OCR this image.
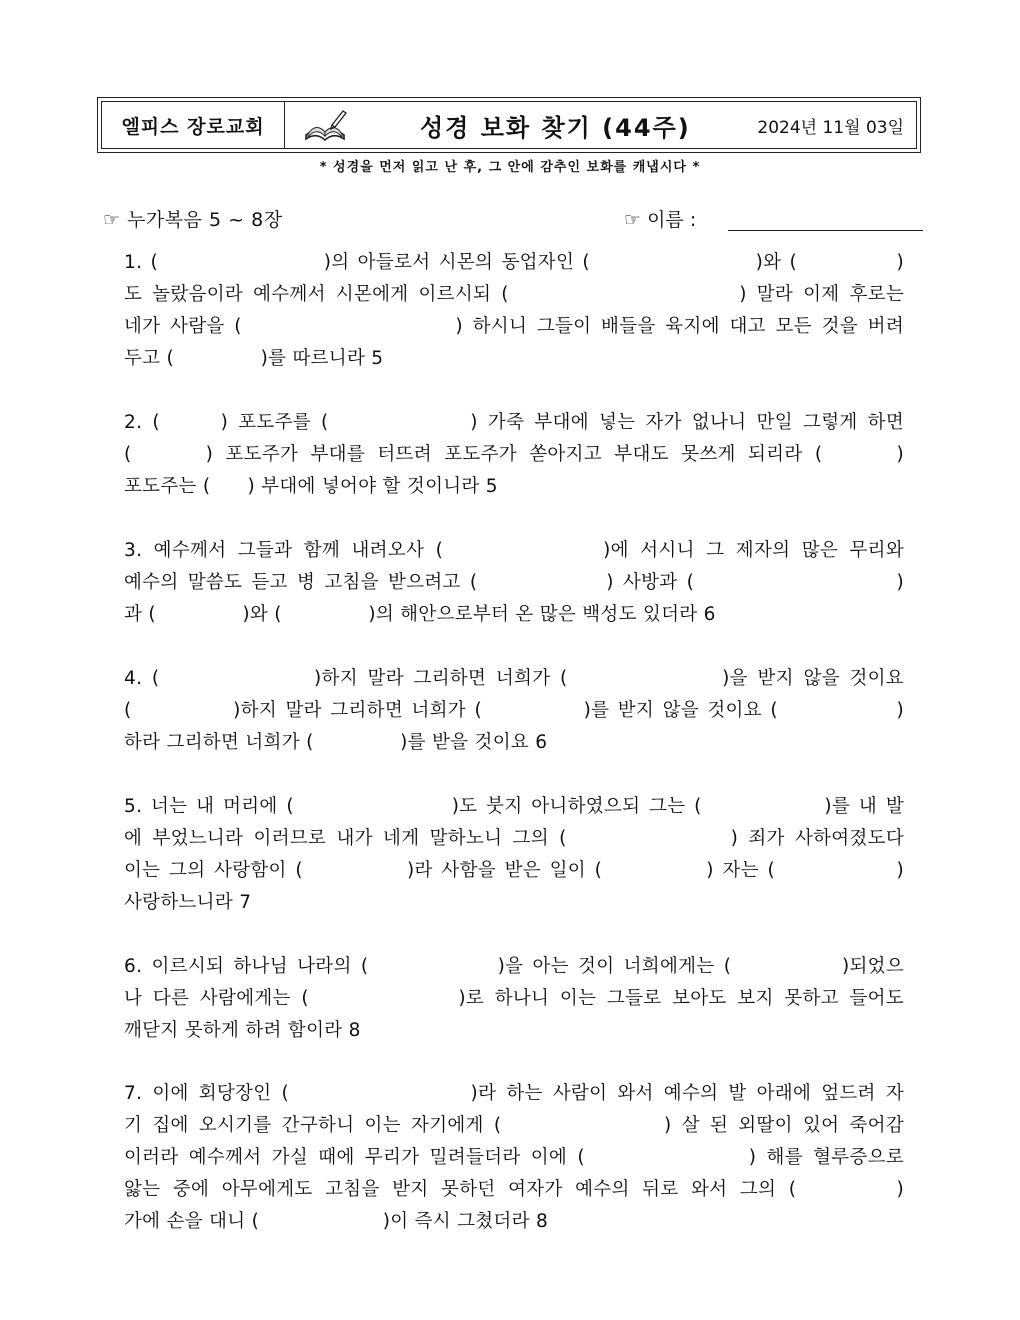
엘피스 장로교회	성경 보화 찾기 (44주)	2024년 11월 03일
* 성경을 먼저 읽고 난 후, 그 안에 감추인 보화를 캐냅시다 *
☞ 누가복음 5 ~ 8장	☞ 이름 :
1. (                    )의 아들로서 시몬의 동업자인 (                    )와 (            )
도 놀랐음이라 예수께서 시몬에게 이르시되 (                       ) 말라 이제 후로는
네가 사람을 (                      ) 하시니 그들이 배들을 육지에 대고 모든 것을 버려
두고 (              )를 따르니라 5
2. (      ) 포도주를 (              ) 가죽 부대에 넣는 자가 없나니 만일 그렇게 하면
(      ) 포도주가 부대를 터뜨려 포도주가 쏟아지고 부대도 못쓰게 되리라 (      )
포도주는 (      ) 부대에 넣어야 할 것이니라 5
3. 예수께서 그들과 함께 내려오사 (              )에 서시니 그 제자의 많은 무리와
예수의 말씀도 듣고 병 고침을 받으려고 (              ) 사방과 (                      )
과 (              )와 (              )의 해안으로부터 온 많은 백성도 있더라 6
4. (                )하지 말라 그리하면 너희가 (                )을 받지 않을 것이요
(            )하지 말라 그리하면 너희가 (            )를 받지 않을 것이요 (              )
하라 그리하면 너희가 (              )를 받을 것이요 6
5. 너는 내 머리에 (                  )도 붓지 아니하였으되 그는 (              )를 내 발
에 부었느니라 이러므로 내가 네게 말하노니 그의 (                ) 죄가 사하여졌도다
이는 그의 사랑함이 (            )라 사함을 받은 일이 (            ) 자는 (              )
사랑하느니라 7
6. 이르시되 하나님 나라의 (              )을 아는 것이 너희에게는 (            )되었으
나 다른 사람에게는 (              )로 하나니 이는 그들로 보아도 보지 못하고 들어도
깨닫지 못하게 하려 함이라 8
7. 이에 회당장인 (                  )라 하는 사람이 와서 예수의 발 아래에 엎드려 자
기 집에 오시기를 간구하니 이는 자기에게 (                ) 살 된 외딸이 있어 죽어감
이러라 예수께서 가실 때에 무리가 밀려들더라 이에 (                ) 해를 혈루증으로
앓는 중에 아무에게도 고침을 받지 못하던 여자가 예수의 뒤로 와서 그의 (        )
가에 손을 대니 (                    )이 즉시 그쳤더라 8
